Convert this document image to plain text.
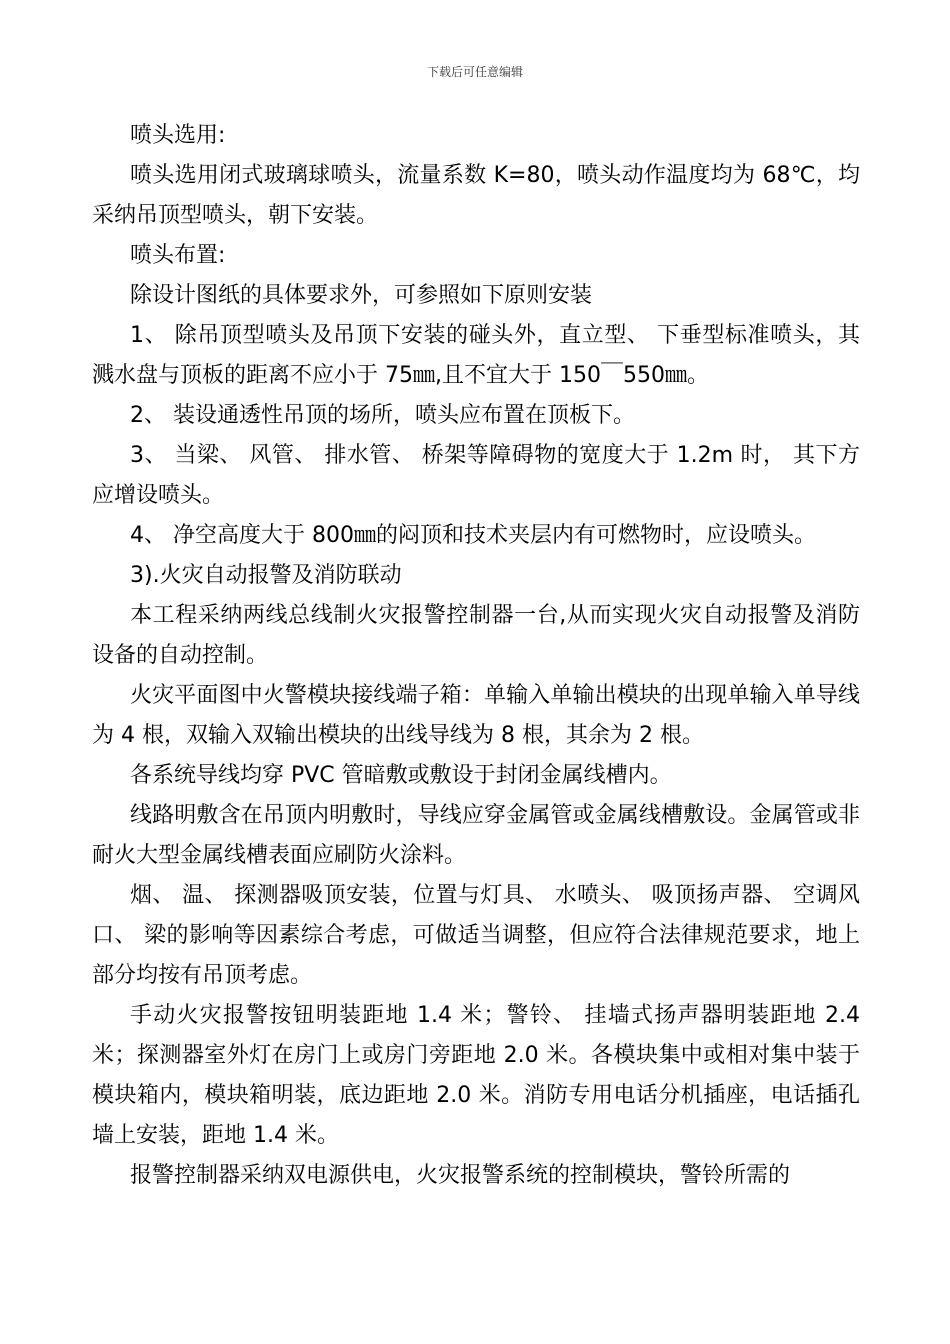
下载后可任意编辑

喷头选用:

喷头选用闭式玻璃球喷头，流量系数 K=80，喷头动作温度均为 68℃，均采纳吊顶型喷头，朝下安装。

喷头布置:

除设计图纸的具体要求外，可参照如下原则安装

1、 除吊顶型喷头及吊顶下安装的碰头外，直立型、 下垂型标准喷头，其溅水盘与顶板的距离不应小于 75㎜,且不宜大于 150￣550㎜。

2、 装设通透性吊顶的场所，喷头应布置在顶板下。

3、 当梁、 风管、 排水管、 桥架等障碍物的宽度大于 1.2m 时， 其下方应增设喷头。

4、 净空高度大于 800㎜的闷顶和技术夹层内有可燃物时，应设喷头。

3).火灾自动报警及消防联动

本工程采纳两线总线制火灾报警控制器一台,从而实现火灾自动报警及消防设备的自动控制。

火灾平面图中火警模块接线端子箱：单输入单输出模块的出现单输入单导线为 4 根，双输入双输出模块的出线导线为 8 根，其余为 2 根。

各系统导线均穿 PVC 管暗敷或敷设于封闭金属线槽内。

线路明敷含在吊顶内明敷时，导线应穿金属管或金属线槽敷设。金属管或非耐火大型金属线槽表面应刷防火涂料。

烟、 温、 探测器吸顶安装，位置与灯具、 水喷头、 吸顶扬声器、 空调风口、 梁的影响等因素综合考虑，可做适当调整，但应符合法律规范要求，地上部分均按有吊顶考虑。

手动火灾报警按钮明装距地 1.4 米；警铃、 挂墙式扬声器明装距地 2.4米；探测器室外灯在房门上或房门旁距地 2.0 米。各模块集中或相对集中装于模块箱内，模块箱明装，底边距地 2.0 米。消防专用电话分机插座，电话插孔墙上安装，距地 1.4 米。

报警控制器采纳双电源供电，火灾报警系统的控制模块，警铃所需的
